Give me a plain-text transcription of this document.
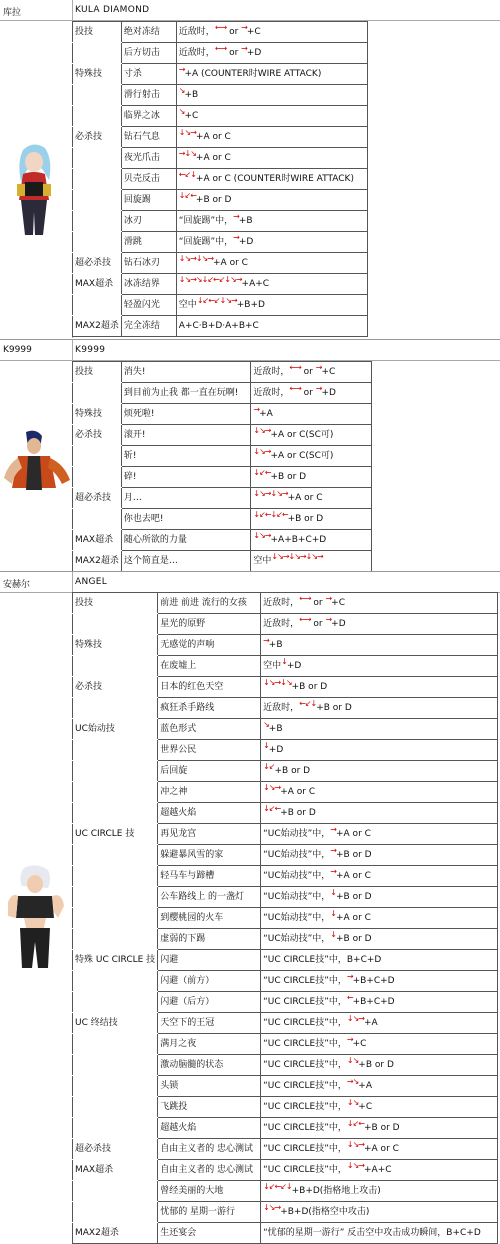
库拉	KULA DIAMOND
投技	绝对冻结	近敌时，←→ or →+C
	后方切击	近敌时，←→ or →+D
特殊技	寸杀	→+A (COUNTER时WIRE ATTACK)
	滑行射击	↘+B
	临界之冰	↘+C
必杀技	钻石气息	↓↘→+A or C
	夜光爪击	→↓↘+A or C
	贝壳反击	←↙↓+A or C (COUNTER时WIRE ATTACK)
	回旋踢	↓↙←+B or D
	冰刃	“回旋踢”中，→+B
	滑跳	“回旋踢”中，→+D
超必杀技	钻石冰刃	↓↘→↓↘→+A or C
MAX超杀	冰冻结界	↓↘→↘↓↙←↙↓↘→+A+C
	轻盈闪光	空中↓↙←↙↓↘→+B+D
MAX2超杀	完全冻结	A+C·B+D·A+B+C
K9999	K9999
投技	消失!	近敌时，←→ or →+C
	到目前为止我 都一直在玩啊!	近敌时，←→ or →+D
特殊技	烦死啦!	→+A
必杀技	滚开!	↓↘→+A or C(SC可)
	斩!	↓↘→+A or C(SC可)
	碎!	↓↙←+B or D
超必杀技	月…	↓↘→↓↘→+A or C
	你也去吧!	↓↙←↓↙←+B or D
MAX超杀	随心所欲的力量	↓↘→+A+B+C+D
MAX2超杀	这个简直是…	空中↓↘→↓↘→↓↘→
安赫尔	ANGEL
投技	前进 前进 流行的女孩	近敌时，←→ or →+C
	星光的原野	近敌时，←→ or →+D
特殊技	无感觉的声响	→+B
	在废墟上	空中↓+D
必杀技	日本的红色天空	↓↘→↓↘+B or D
	疯狂杀手路线	近敌时，←↙↓+B or D
UC始动技	蓝色形式	↘+B
	世界公民	↓+D
	后回旋	↓↙+B or D
	冲之神	↓↘→+A or C
	超越火焰	↓↙←+B or D
UC CIRCLE 技	再见龙宫	“UC始动技”中，→+A or C
	躲避暴风雪的家	“UC始动技”中，→+B or D
	轻马车与蹄槽	“UC始动技”中，→+A or C
	公车路线上 的一盏灯	“UC始动技”中，↓+B or D
	到樱桃园的火车	“UC始动技”中，↓+A or C
	虚弱的下踢	“UC始动技”中，↓+B or D
特殊 UC CIRCLE 技	闪避	“UC CIRCLE技”中，B+C+D
	闪避（前方）	“UC CIRCLE技”中，→+B+C+D
	闪避（后方）	“UC CIRCLE技”中，←+B+C+D
UC 终结技	天空下的王冠	“UC CIRCLE技”中，↓↘→+A
	满月之夜	“UC CIRCLE技”中，→+C
	激动脑髓的状态	“UC CIRCLE技”中，↓↘+B or D
	头锁	“UC CIRCLE技”中，→↘+A
	飞跳投	“UC CIRCLE技”中，↓↘+C
	超越火焰	“UC CIRCLE技”中，↓↙←+B or D
超必杀技	自由主义者的 忠心测试	“UC CIRCLE技”中，↓↘→+A or C
MAX超杀	自由主义者的 忠心测试	“UC CIRCLE技”中，↓↘→+A+C
	曾经美丽的大地	↓↙←↙↓+B+D(指格地上攻击)
	忧郁的 星期一游行	↓↘→+B+D(指格空中攻击)
MAX2超杀	生还宴会	“忧郁的星期一游行” 反击空中攻击成功瞬间，B+C+D
